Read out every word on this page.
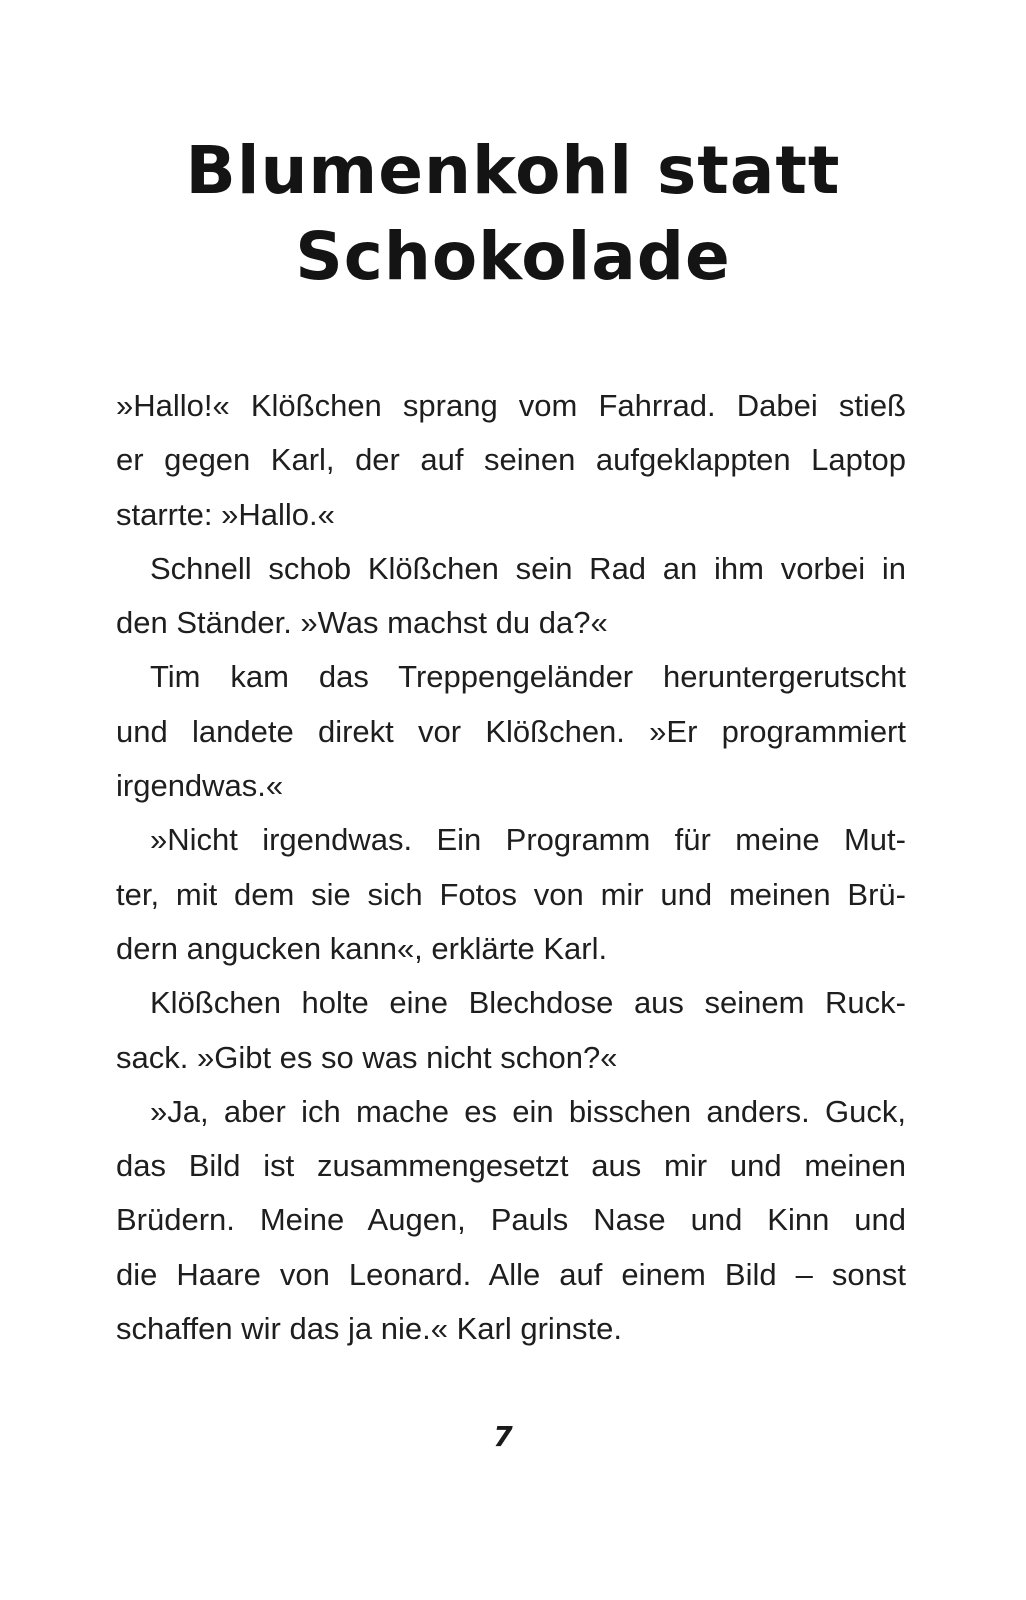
Blumenkohl statt
Schokolade
»Hallo!« Klößchen sprang vom Fahrrad. Dabei stieß
er gegen Karl, der auf seinen aufgeklappten Laptop
starrte: »Hallo.«
Schnell schob Klößchen sein Rad an ihm vorbei in
den Ständer. »Was machst du da?«
Tim kam das Treppengeländer heruntergerutscht
und landete direkt vor Klößchen. »Er programmiert
irgendwas.«
»Nicht irgendwas. Ein Programm für meine Mut-
ter, mit dem sie sich Fotos von mir und meinen Brü-
dern angucken kann«, erklärte Karl.
Klößchen holte eine Blechdose aus seinem Ruck-
sack. »Gibt es so was nicht schon?«
»Ja, aber ich mache es ein bisschen anders. Guck,
das Bild ist zusammengesetzt aus mir und meinen
Brüdern. Meine Augen, Pauls Nase und Kinn und
die Haare von Leonard. Alle auf einem Bild – sonst
schaffen wir das ja nie.« Karl grinste.
7
